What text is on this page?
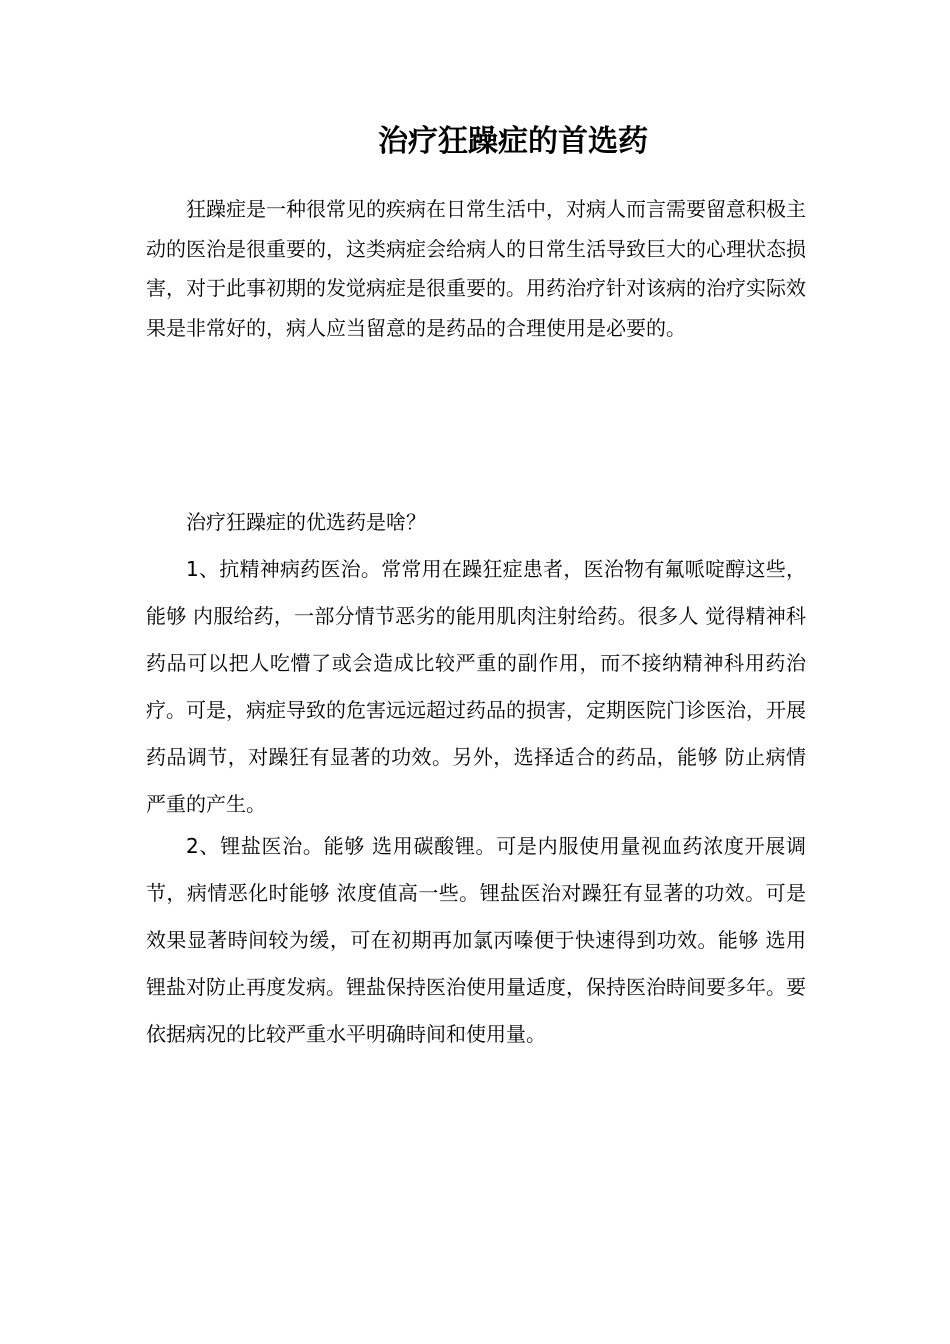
治疗狂躁症的首选药

狂躁症是一种很常见的疾病在日常生活中，对病人而言需要留意积极主动的医治是很重要的，这类病症会给病人的日常生活导致巨大的心理状态损害，对于此事初期的发觉病症是很重要的。用药治疗针对该病的治疗实际效果是非常好的，病人应当留意的是药品的合理使用是必要的。

治疗狂躁症的优选药是啥？

1、抗精神病药医治。常常用在躁狂症患者，医治物有氟哌啶醇这些，能够 内服给药，一部分情节恶劣的能用肌肉注射给药。很多人 觉得精神科药品可以把人吃懵了或会造成比较严重的副作用，而不接纳精神科用药治疗。可是，病症导致的危害远远超过药品的损害，定期医院门诊医治，开展药品调节，对躁狂有显著的功效。另外，选择适合的药品，能够 防止病情严重的产生。

2、锂盐医治。能够 选用碳酸锂。可是内服使用量视血药浓度开展调节，病情恶化时能够 浓度值高一些。锂盐医治对躁狂有显著的功效。可是效果显著時间较为缓，可在初期再加氯丙嗪便于快速得到功效。能够 选用锂盐对防止再度发病。锂盐保持医治使用量适度，保持医治時间要多年。要依据病况的比较严重水平明确時间和使用量。
